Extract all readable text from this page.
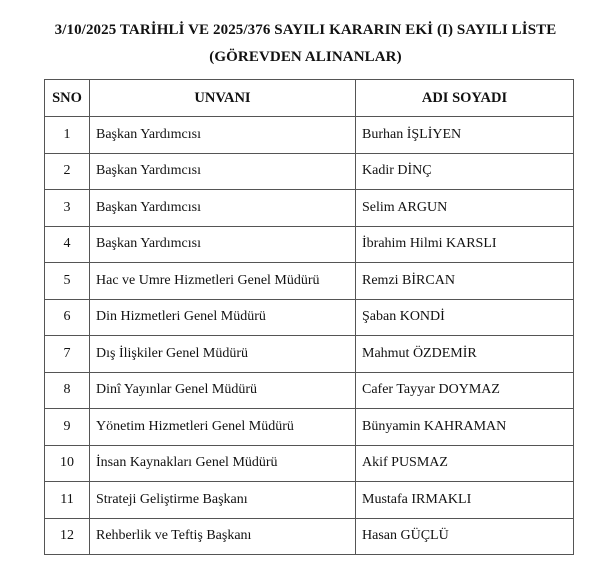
3/10/2025 TARİHLİ VE 2025/376 SAYILI KARARIN EKİ (I) SAYILI LİSTE
(GÖREVDEN ALINANLAR)
SNO	UNVANI	ADI SOYADI
1	Başkan Yardımcısı	Burhan İŞLİYEN
2	Başkan Yardımcısı	Kadir DİNÇ
3	Başkan Yardımcısı	Selim ARGUN
4	Başkan Yardımcısı	İbrahim Hilmi KARSLI
5	Hac ve Umre Hizmetleri Genel Müdürü	Remzi BİRCAN
6	Din Hizmetleri Genel Müdürü	Şaban KONDİ
7	Dış İlişkiler Genel Müdürü	Mahmut ÖZDEMİR
8	Dinî Yayınlar Genel Müdürü	Cafer Tayyar DOYMAZ
9	Yönetim Hizmetleri Genel Müdürü	Bünyamin KAHRAMAN
10	İnsan Kaynakları Genel Müdürü	Akif PUSMAZ
11	Strateji Geliştirme Başkanı	Mustafa IRMAKLI
12	Rehberlik ve Teftiş Başkanı	Hasan GÜÇLÜ
